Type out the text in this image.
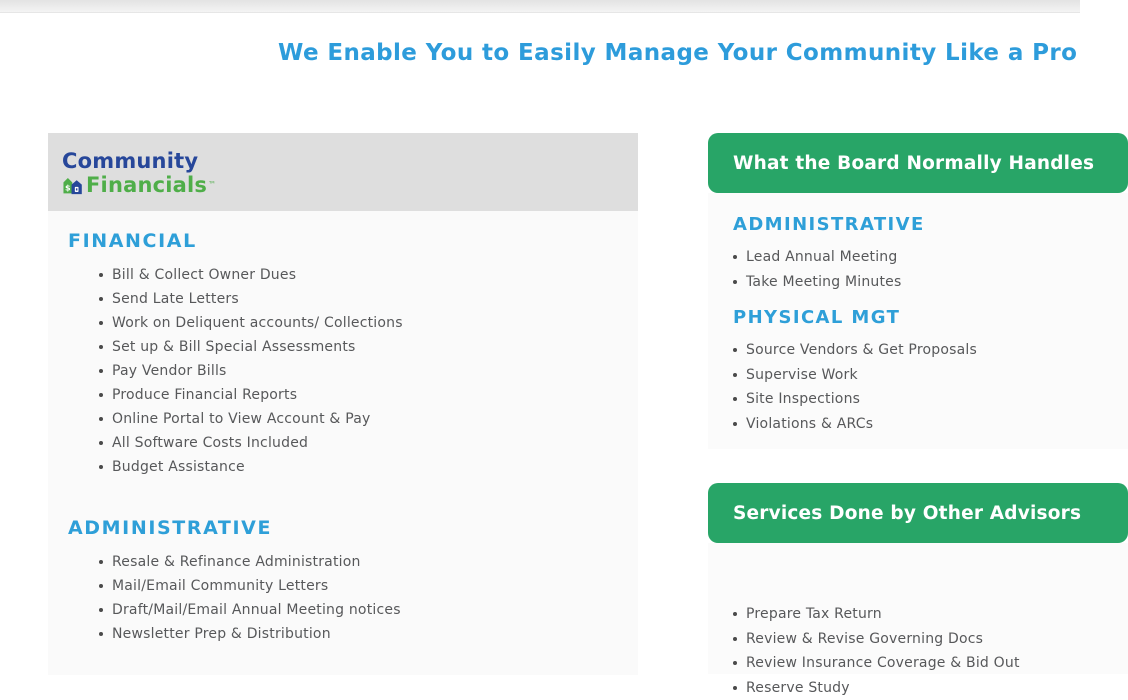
We Enable You to Easily Manage Your Community Like a Pro
Community
$ Financials ™
FINANCIAL
Bill & Collect Owner Dues
Send Late Letters
Work on Deliquent accounts/ Collections
Set up & Bill Special Assessments
Pay Vendor Bills
Produce Financial Reports
Online Portal to View Account & Pay
All Software Costs Included
Budget Assistance
ADMINISTRATIVE
Resale & Refinance Administration
Mail/Email Community Letters
Draft/Mail/Email Annual Meeting notices
Newsletter Prep & Distribution
What the Board Normally Handles
ADMINISTRATIVE
Lead Annual Meeting
Take Meeting Minutes
PHYSICAL MGT
Source Vendors & Get Proposals
Supervise Work
Site Inspections
Violations & ARCs
Services Done by Other Advisors
Prepare Tax Return
Review & Revise Governing Docs
Review Insurance Coverage & Bid Out
Reserve Study
